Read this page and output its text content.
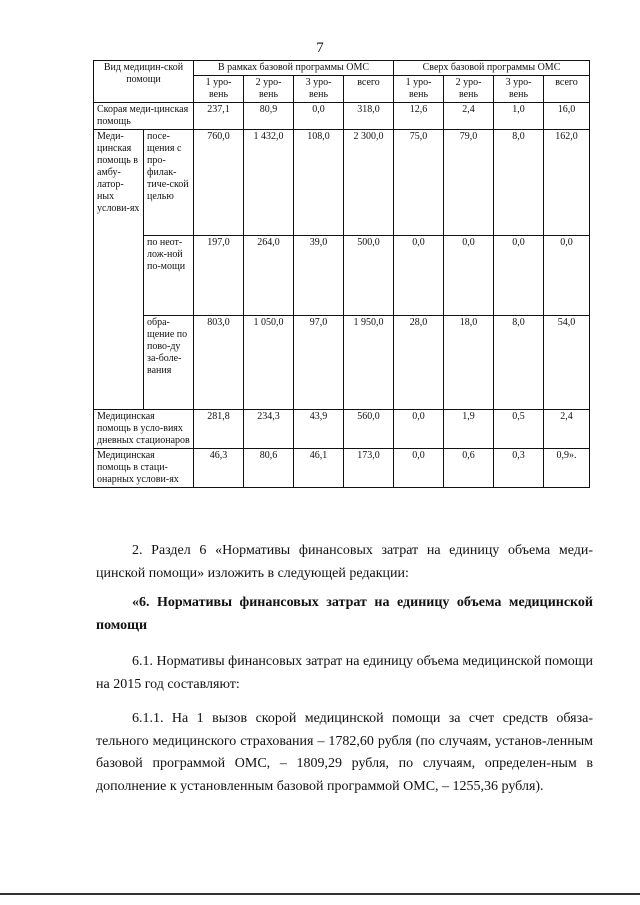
7
Вид медицин-ской помощи		В рамках базовой программы ОМС				Сверх базовой программы ОМС			
		1 уро-вень	2 уро-вень	3 уро-вень	всего	1 уро-вень	2 уро-вень	3 уро-вень	всего
Скорая меди-цинская помощь		237,1	80,9	0,0	318,0	12,6	2,4	1,0	16,0
Меди-цинская помощь в амбу-латор-ных услови-ях	посе-щения с про-филак-тиче-ской целью	760,0	1 432,0	108,0	2 300,0	75,0	79,0	8,0	162,0
	по неот-лож-ной по-мощи	197,0	264,0	39,0	500,0	0,0	0,0	0,0	0,0
	обра-щение по пово-ду за-боле-вания	803,0	1 050,0	97,0	1 950,0	28,0	18,0	8,0	54,0
Медицинская помощь в усло-виях дневных стационаров		281,8	234,3	43,9	560,0	0,0	1,9	0,5	2,4
Медицинская помощь в стаци-онарных услови-ях		46,3	80,6	46,1	173,0	0,0	0,6	0,3	0,9».
2. Раздел 6 «Нормативы финансовых затрат на единицу объема меди-цинской помощи» изложить в следующей редакции:
«6. Нормативы финансовых затрат на единицу объема медицинской помощи
6.1. Нормативы финансовых затрат на единицу объема медицинской помощи на 2015 год составляют:
6.1.1. На 1 вызов скорой медицинской помощи за счет средств обяза-тельного медицинского страхования – 1782,60 рубля (по случаям, установ-ленным базовой программой ОМС, – 1809,29 рубля, по случаям, определен-ным в дополнение к установленным базовой программой ОМС, – 1255,36 рубля).
